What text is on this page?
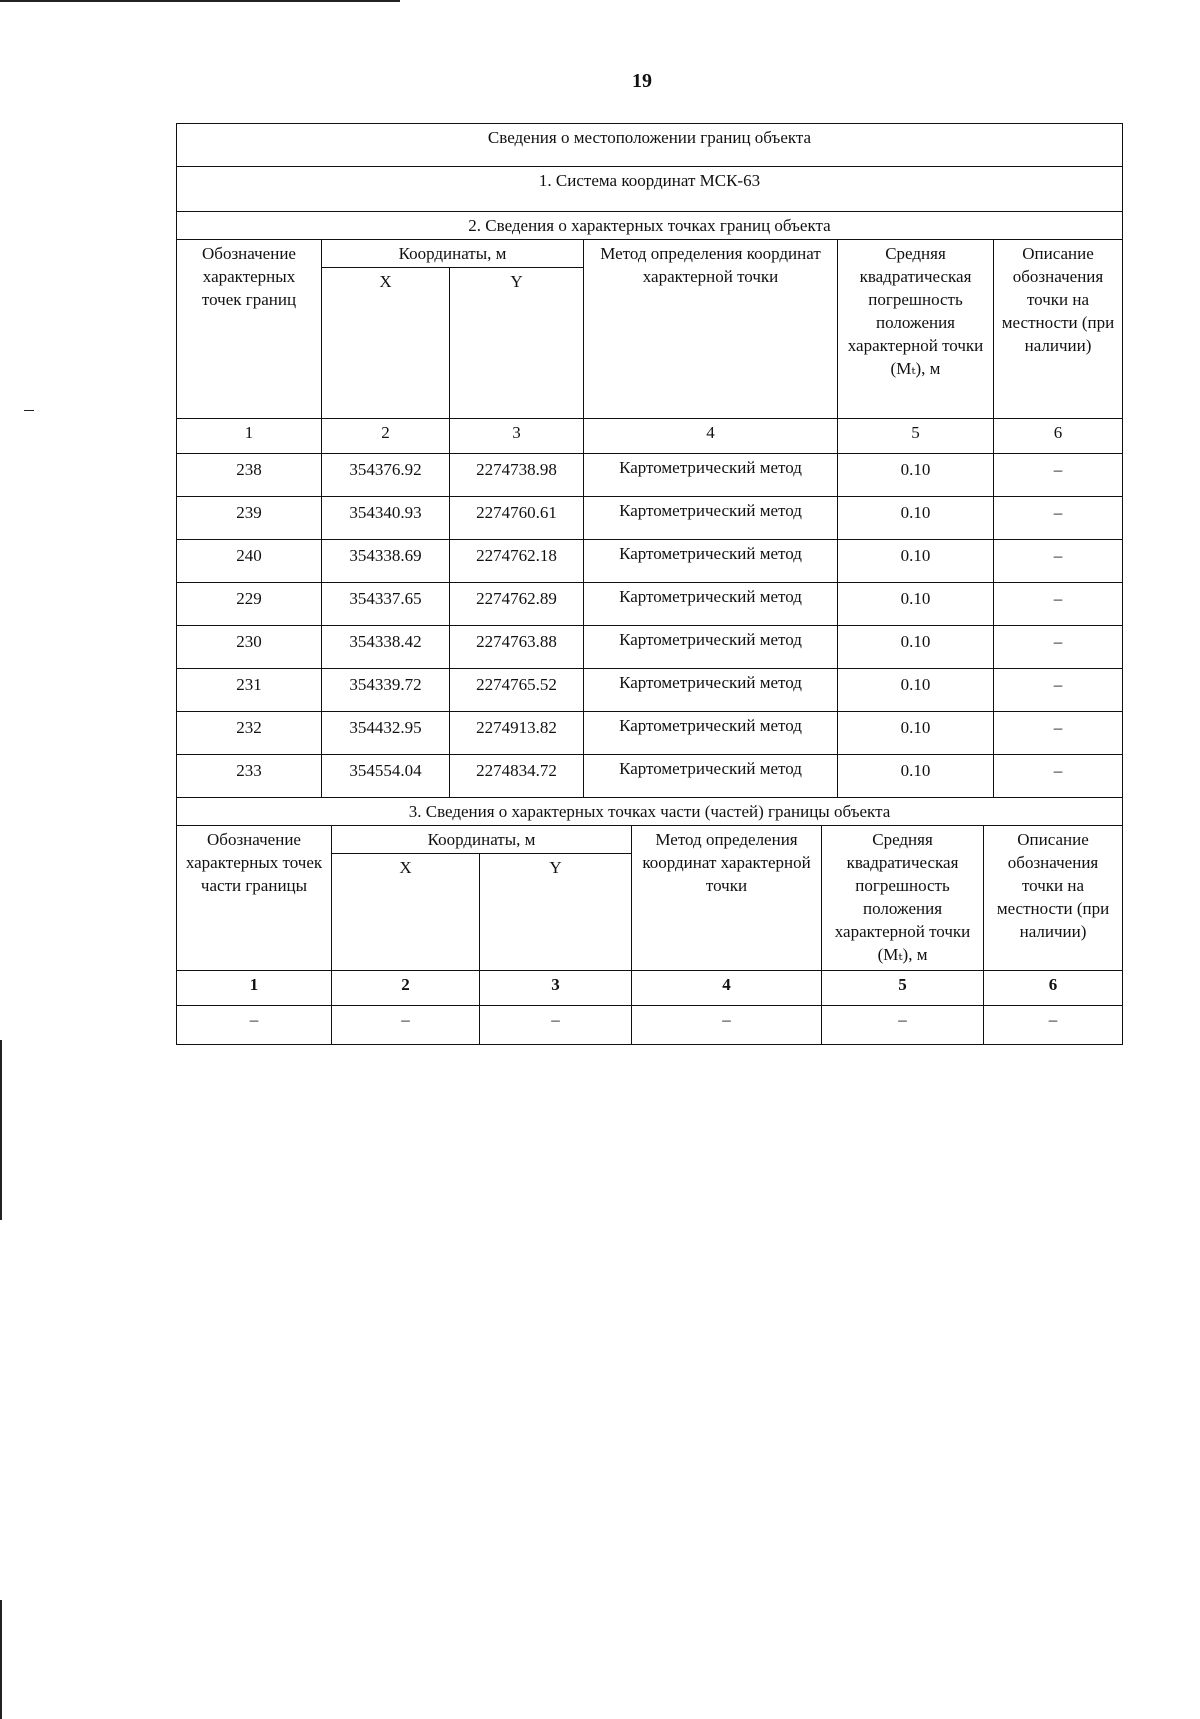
19
Сведения о местоположении границ объекта					
1. Система координат МСК-63					
2. Сведения о характерных точках границ объекта					
Обозначение характерных точек границ	Координаты, м		Метод определения координат характерной точки	Средняя квадратическая погрешность положения характерной точки (Mₜ), м	Описание обозначения точки на местности (при наличии)
	X	Y			
1	2	3	4	5	6
238	354376.92	2274738.98	Картометрический метод	0.10	–
239	354340.93	2274760.61	Картометрический метод	0.10	–
240	354338.69	2274762.18	Картометрический метод	0.10	–
229	354337.65	2274762.89	Картометрический метод	0.10	–
230	354338.42	2274763.88	Картометрический метод	0.10	–
231	354339.72	2274765.52	Картометрический метод	0.10	–
232	354432.95	2274913.82	Картометрический метод	0.10	–
233	354554.04	2274834.72	Картометрический метод	0.10	–
3. Сведения о характерных точках части (частей) границы объекта					
Обозначение характерных точек части границы	Координаты, м		Метод определения координат характерной точки	Средняя квадратическая погрешность положения характерной точки (Mₜ), м	Описание обозначения точки на местности (при наличии)
	X	Y			
1	2	3	4	5	6
–	–	–	–	–	–
